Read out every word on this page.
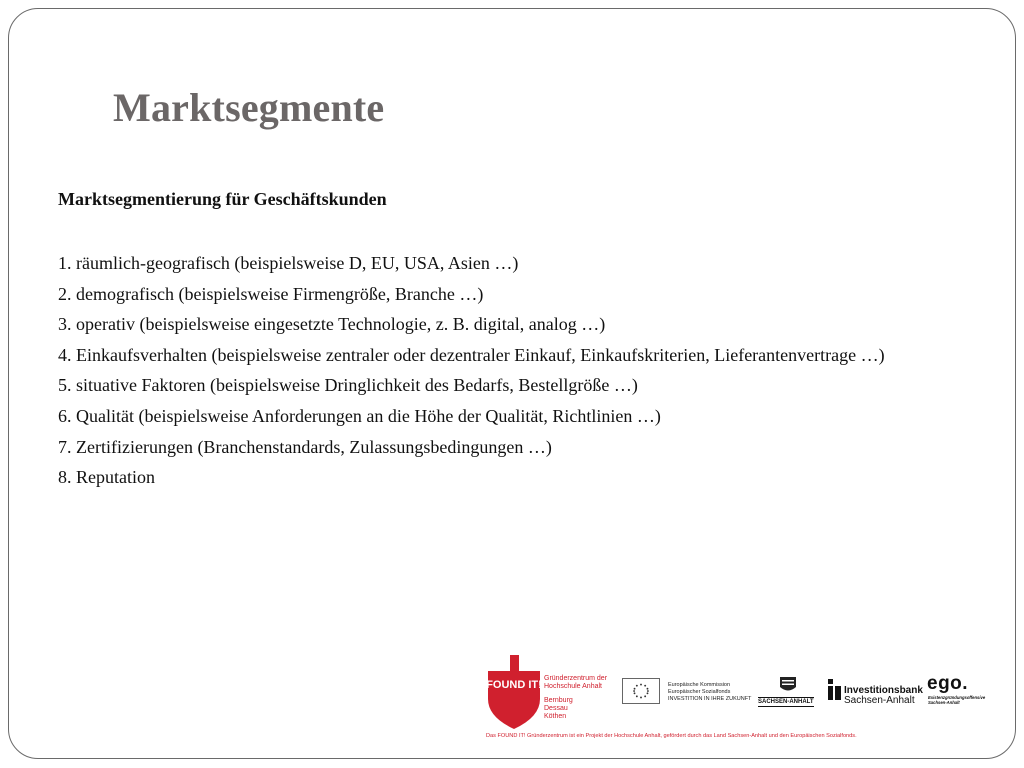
Marktsegmente
Marktsegmentierung für Geschäftskunden
1. räumlich-geografisch (beispielsweise D, EU, USA, Asien …)
2. demografisch (beispielsweise Firmengröße, Branche …)
3. operativ (beispielsweise eingesetzte Technologie, z. B. digital, analog …)
4. Einkaufsverhalten (beispielsweise zentraler oder dezentraler Einkauf, Einkaufskriterien, Lieferantenvertrage …)
5. situative Faktoren (beispielsweise Dringlichkeit des Bedarfs, Bestellgröße …)
6. Qualität (beispielsweise Anforderungen an die Höhe der Qualität, Richtlinien …)
7. Zertifizierungen (Branchenstandards, Zulassungsbedingungen …)
8. Reputation
FOUND IT!
Gründerzentrum der
Hochschule Anhalt
Bernburg
Dessau
Köthen
Europäische Kommission
Europäischer Sozialfonds
INVESTITION IN IHRE ZUKUNFT SACHSEN-ANHALT
Investitionsbank
Sachsen-Anhalt
ego.
Existenzgründungsoffensive
Sachsen-Anhalt
Das FOUND IT! Gründerzentrum ist ein Projekt der Hochschule Anhalt, gefördert durch das Land Sachsen-Anhalt und den Europäischen Sozialfonds.
